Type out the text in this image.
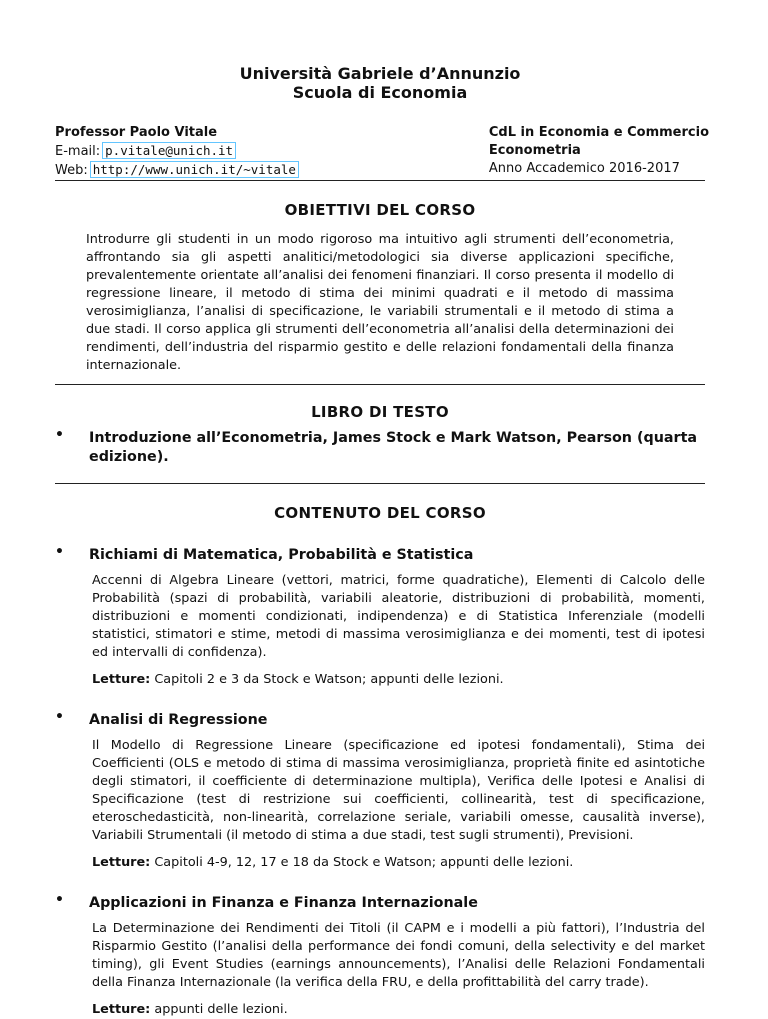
Università Gabriele d’Annunzio
Scuola di Economia
Professor Paolo Vitale
E-mail: p.vitale@unich.it
Web: http://www.unich.it/~vitale
CdL in Economia e Commercio
Econometria
Anno Accademico 2016-2017
OBIETTIVI DEL CORSO
Introdurre gli studenti in un modo rigoroso ma intuitivo agli strumenti dell’econometria, affrontando sia gli aspetti analitici/metodologici sia diverse applicazioni specifiche, prevalentemente orientate all’analisi dei fenomeni finanziari. Il corso presenta il modello di regressione lineare, il metodo di stima dei minimi quadrati e il metodo di massima verosimiglianza, l’analisi di specificazione, le variabili strumentali e il metodo di stima a due stadi. Il corso applica gli strumenti dell’econometria all’analisi della determinazioni dei rendimenti, dell’industria del risparmio gestito e delle relazioni fondamentali della finanza internazionale.
LIBRO DI TESTO
• Introduzione all’Econometria, James Stock e Mark Watson, Pearson (quarta edizione).
CONTENUTO DEL CORSO
• Richiami di Matematica, Probabilità e Statistica
Accenni di Algebra Lineare (vettori, matrici, forme quadratiche), Elementi di Calcolo delle Probabilità (spazi di probabilità, variabili aleatorie, distribuzioni di probabilità, momenti, distribuzioni e momenti condizionati, indipendenza) e di Statistica Inferenziale (modelli statistici, stimatori e stime, metodi di massima verosimiglianza e dei momenti, test di ipotesi ed intervalli di confidenza).
Letture: Capitoli 2 e 3 da Stock e Watson; appunti delle lezioni.
• Analisi di Regressione
Il Modello di Regressione Lineare (specificazione ed ipotesi fondamentali), Stima dei Coefficienti (OLS e metodo di stima di massima verosimiglianza, proprietà finite ed asintotiche degli stimatori, il coefficiente di determinazione multipla), Verifica delle Ipotesi e Analisi di Specificazione (test di restrizione sui coefficienti, collinearità, test di specificazione, eteroschedasticità, non-linearità, correlazione seriale, variabili omesse, causalità inverse), Variabili Strumentali (il metodo di stima a due stadi, test sugli strumenti), Previsioni.
Letture: Capitoli 4-9, 12, 17 e 18 da Stock e Watson; appunti delle lezioni.
• Applicazioni in Finanza e Finanza Internazionale
La Determinazione dei Rendimenti dei Titoli (il CAPM e i modelli a più fattori), l’Industria del Risparmio Gestito (l’analisi della performance dei fondi comuni, della selectivity e del market timing), gli Event Studies (earnings announcements), l’Analisi delle Relazioni Fondamentali della Finanza Internazionale (la verifica della FRU, e della profittabilità del carry trade).
Letture: appunti delle lezioni.
